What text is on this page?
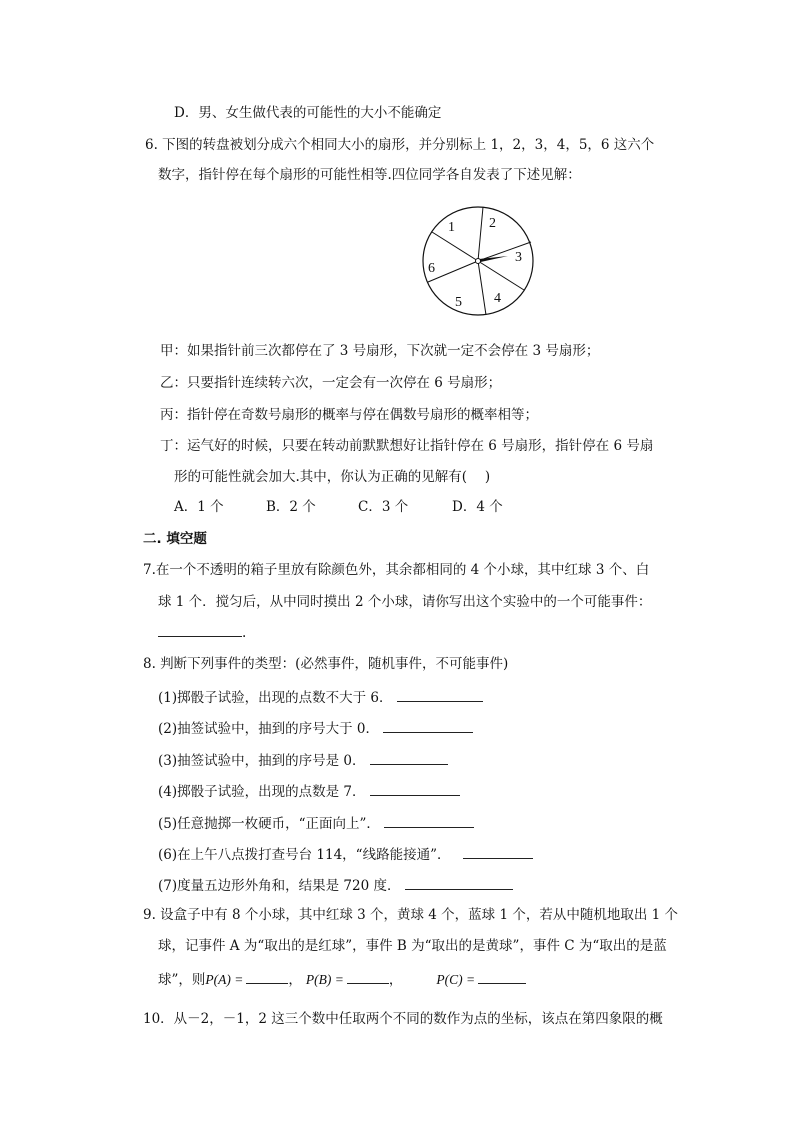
D．男、女生做代表的可能性的大小不能确定
6. 下图的转盘被划分成六个相同大小的扇形，并分别标上 1，2，3，4，5，6 这六个
数字，指针停在每个扇形的可能性相等.四位同学各自发表了下述见解：
1 2
3
4
5
6
甲：如果指针前三次都停在了 3 号扇形，下次就一定不会停在 3 号扇形；
乙：只要指针连续转六次，一定会有一次停在 6 号扇形；
丙：指针停在奇数号扇形的概率与停在偶数号扇形的概率相等；
丁：运气好的时候，只要在转动前默默想好让指针停在 6 号扇形，指针停在 6 号扇
形的可能性就会加大.其中，你认为正确的见解有(　 )
A．1 个	B．2 个	C．3 个	D．4 个
二. 填空题
7.在一个不透明的箱子里放有除颜色外，其余都相同的 4 个小球，其中红球 3 个、白
球 1 个．搅匀后，从中同时摸出 2 个小球，请你写出这个实验中的一个可能事件：
.
8. 判断下列事件的类型：(必然事件，随机事件，不可能事件)
(1)掷骰子试验，出现的点数不大于 6．
(2)抽签试验中，抽到的序号大于 0．
(3)抽签试验中，抽到的序号是 0．
(4)掷骰子试验，出现的点数是 7．
(5)任意抛掷一枚硬币，“正面向上”．
(6)在上午八点拨打查号台 114，“线路能接通”．
(7)度量五边形外角和，结果是 720 度．
9. 设盒子中有 8 个小球，其中红球 3 个，黄球 4 个，蓝球 1 个，若从中随机地取出 1 个
球，记事件 A 为“取出的是红球”，事件 B 为“取出的是黄球”，事件 C 为“取出的是蓝
球”，则P(A) =	， P(B) =	，	P(C) =
10．从－2，－1，2 这三个数中任取两个不同的数作为点的坐标，该点在第四象限的概
